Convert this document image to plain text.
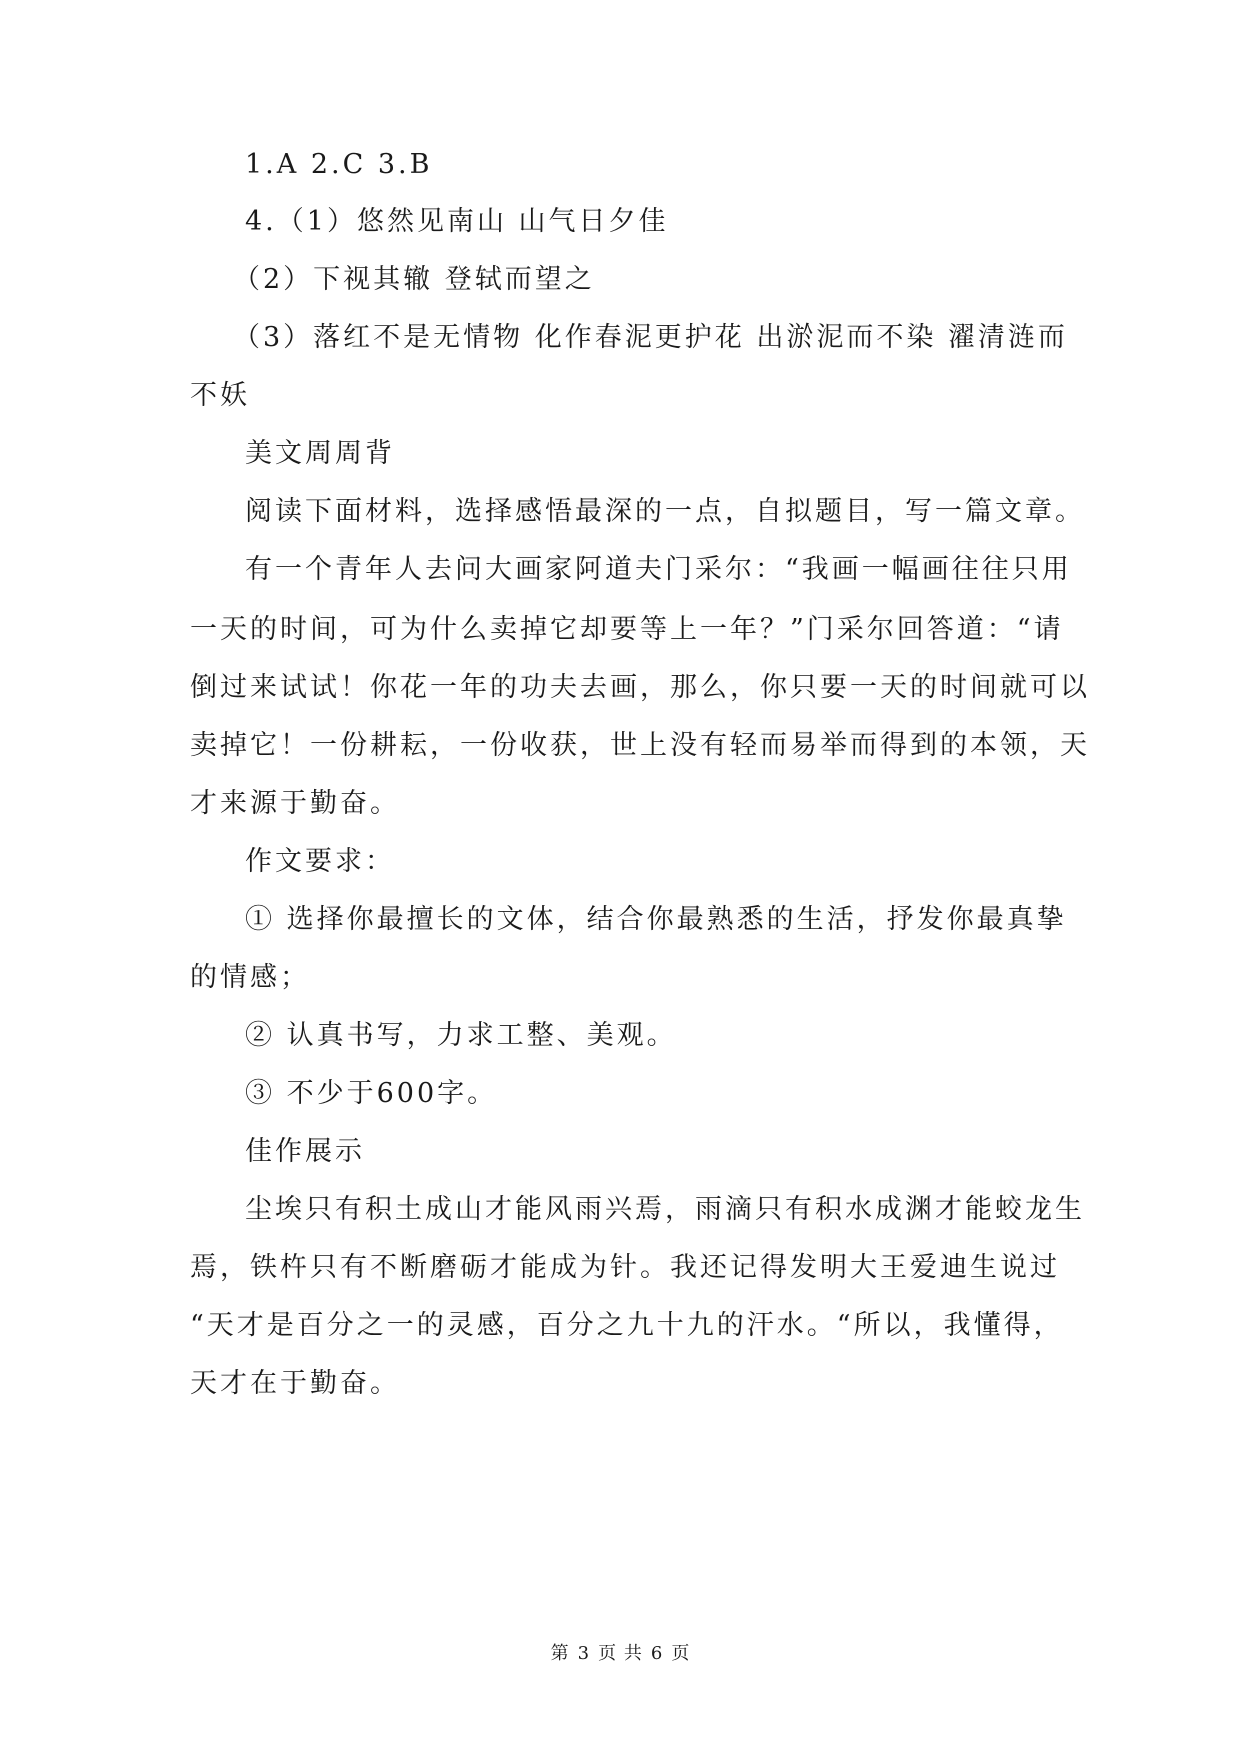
1.A 2.C 3.B
4.（1）悠然见南山 山气日夕佳
（2）下视其辙 登轼而望之
（3）落红不是无情物 化作春泥更护花 出淤泥而不染 濯清涟而
不妖
美文周周背
阅读下面材料，选择感悟最深的一点，自拟题目，写一篇文章。
有一个青年人去问大画家阿道夫门采尔：“我画一幅画往往只用
一天的时间，可为什么卖掉它却要等上一年？”门采尔回答道：“请
倒过来试试！你花一年的功夫去画，那么，你只要一天的时间就可以
卖掉它！一份耕耘，一份收获，世上没有轻而易举而得到的本领，天
才来源于勤奋。
作文要求：
① 选择你最擅长的文体，结合你最熟悉的生活，抒发你最真挚
的情感；
② 认真书写，力求工整、美观。
③ 不少于600字。
佳作展示
尘埃只有积土成山才能风雨兴焉，雨滴只有积水成渊才能蛟龙生
焉，铁杵只有不断磨砺才能成为针。我还记得发明大王爱迪生说过
“天才是百分之一的灵感，百分之九十九的汗水。“所以，我懂得，
天才在于勤奋。
第 3 页 共 6 页
